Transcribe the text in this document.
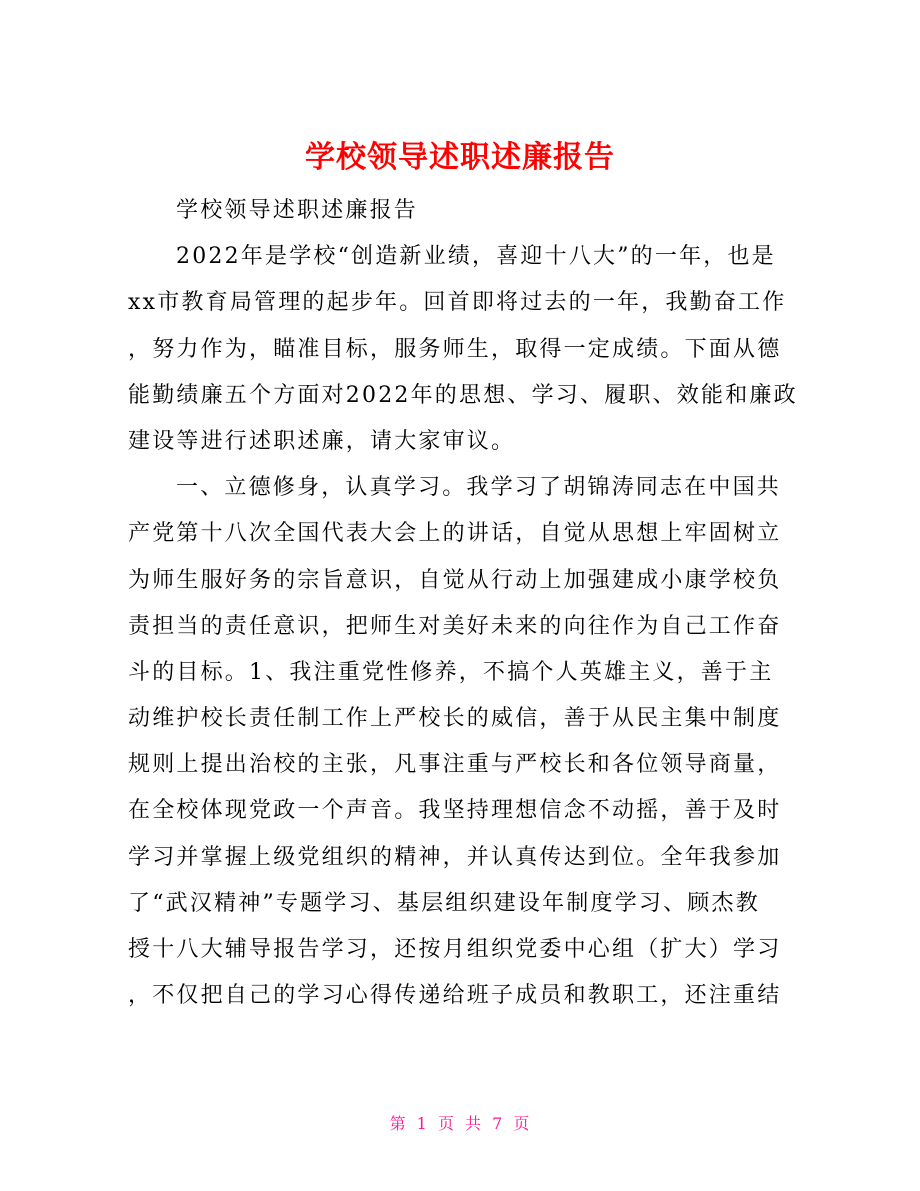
学校领导述职述廉报告
学校领导述职述廉报告
2022年是学校“创造新业绩，喜迎十八大”的一年，也是
xx市教育局管理的起步年。回首即将过去的一年，我勤奋工作
，努力作为，瞄准目标，服务师生，取得一定成绩。下面从德
能勤绩廉五个方面对2022年的思想、学习、履职、效能和廉政
建设等进行述职述廉，请大家审议。
一、立德修身，认真学习。我学习了胡锦涛同志在中国共
产党第十八次全国代表大会上的讲话，自觉从思想上牢固树立
为师生服好务的宗旨意识，自觉从行动上加强建成小康学校负
责担当的责任意识，把师生对美好未来的向往作为自己工作奋
斗的目标。1、我注重党性修养，不搞个人英雄主义，善于主
动维护校长责任制工作上严校长的威信，善于从民主集中制度
规则上提出治校的主张，凡事注重与严校长和各位领导商量，
在全校体现党政一个声音。我坚持理想信念不动摇，善于及时
学习并掌握上级党组织的精神，并认真传达到位。全年我参加
了“武汉精神”专题学习、基层组织建设年制度学习、顾杰教
授十八大辅导报告学习，还按月组织党委中心组（扩大）学习
，不仅把自己的学习心得传递给班子成员和教职工，还注重结
第 1 页 共 7 页
